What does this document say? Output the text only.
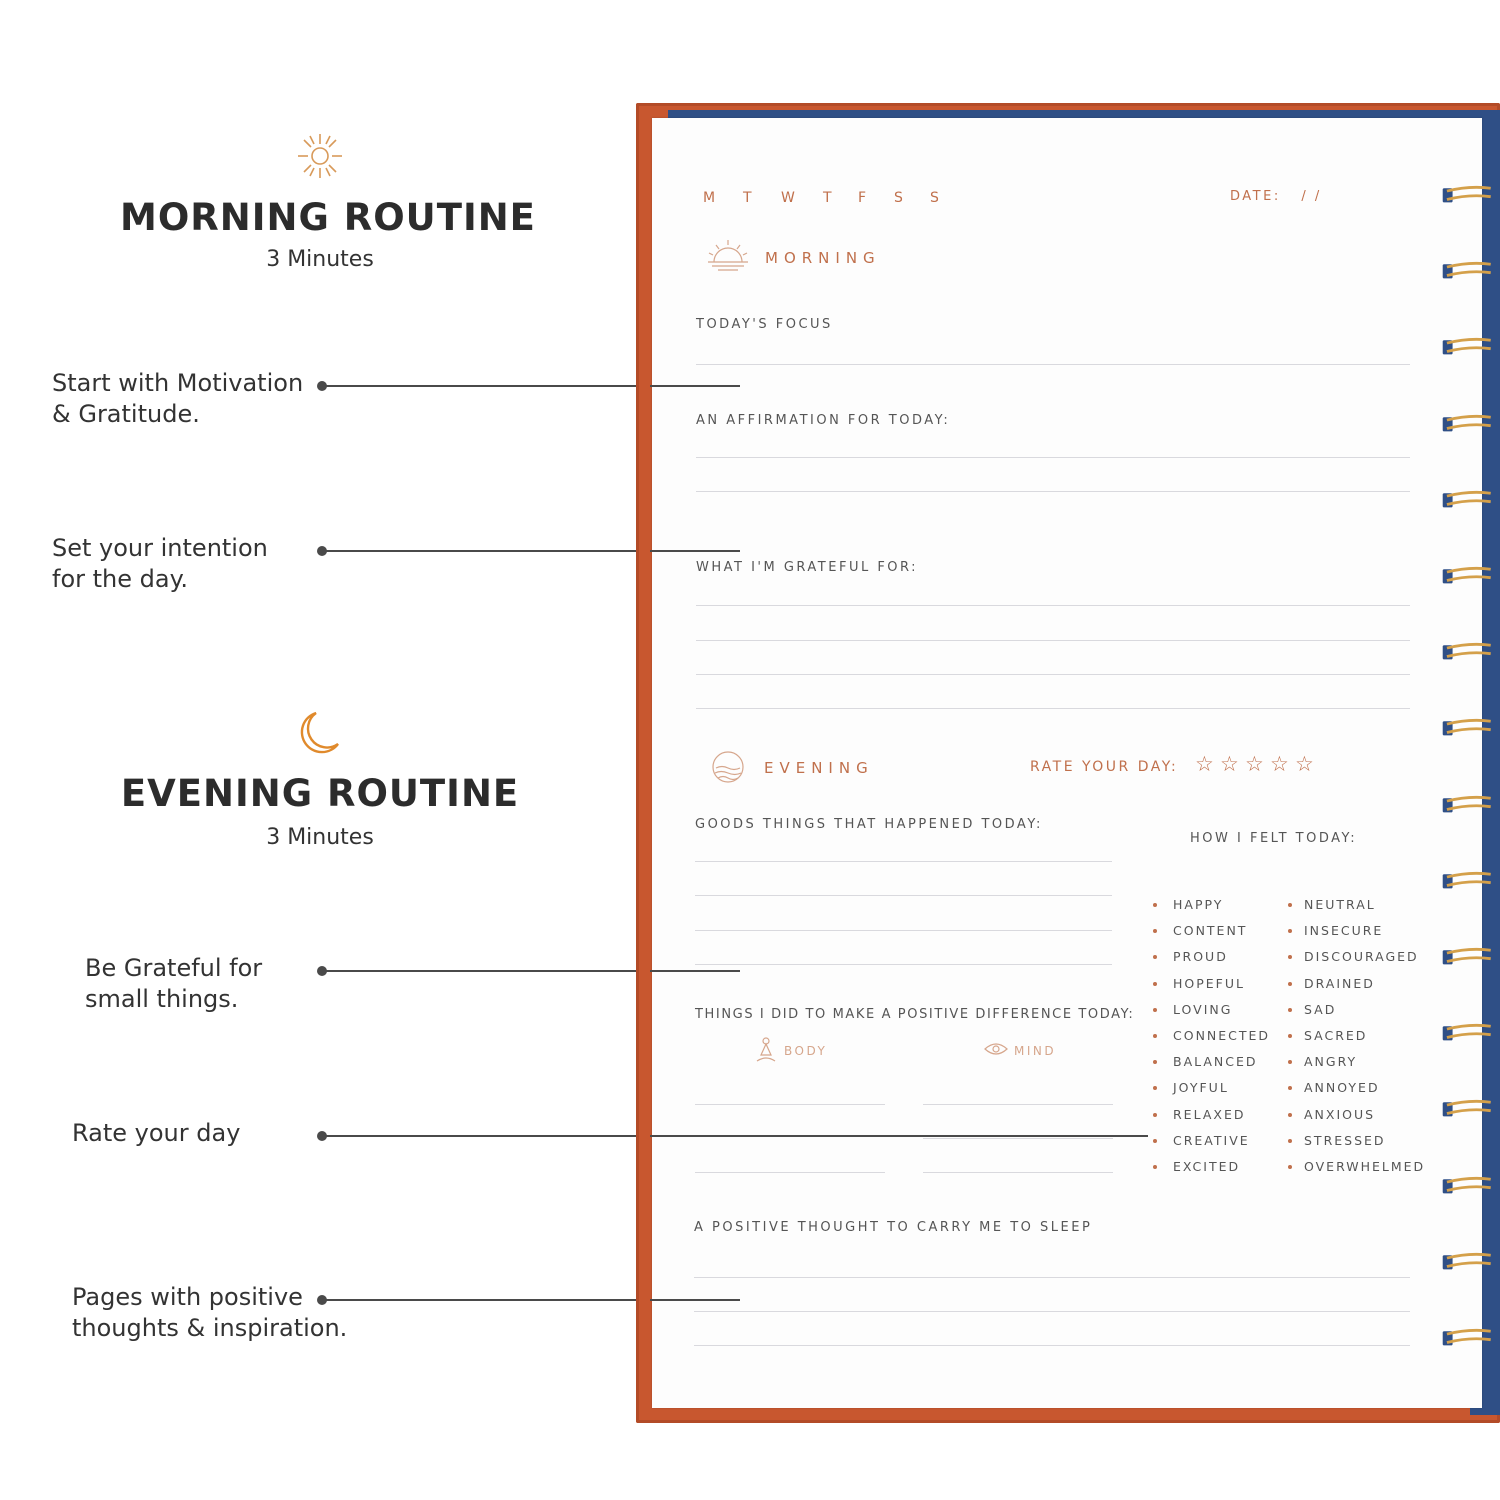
MORNING ROUTINE
3 Minutes
EVENING ROUTINE
3 Minutes
Start with Motivation
& Gratitude.
Set your intention
for the day.
Be Grateful for
small things.
Rate your day
Pages with positive
thoughts & inspiration.
M T W T F S S	DATE: / /
MORNING
TODAY'S FOCUS
AN AFFIRMATION FOR TODAY:
WHAT I'M GRATEFUL FOR:
EVENING	RATE YOUR DAY: ☆ ☆ ☆ ☆ ☆
GOODS THINGS THAT HAPPENED TODAY:
HOW I FELT TODAY:
HAPPY
CONTENT
PROUD
HOPEFUL
LOVING
CONNECTED
BALANCED
JOYFUL
RELAXED
CREATIVE
EXCITED
NEUTRAL
INSECURE
DISCOURAGED
DRAINED
SAD
SACRED
ANGRY
ANNOYED
ANXIOUS
STRESSED
OVERWHELMED
THINGS I DID TO MAKE A POSITIVE DIFFERENCE TODAY:
BODY	MIND
A POSITIVE THOUGHT TO CARRY ME TO SLEEP
